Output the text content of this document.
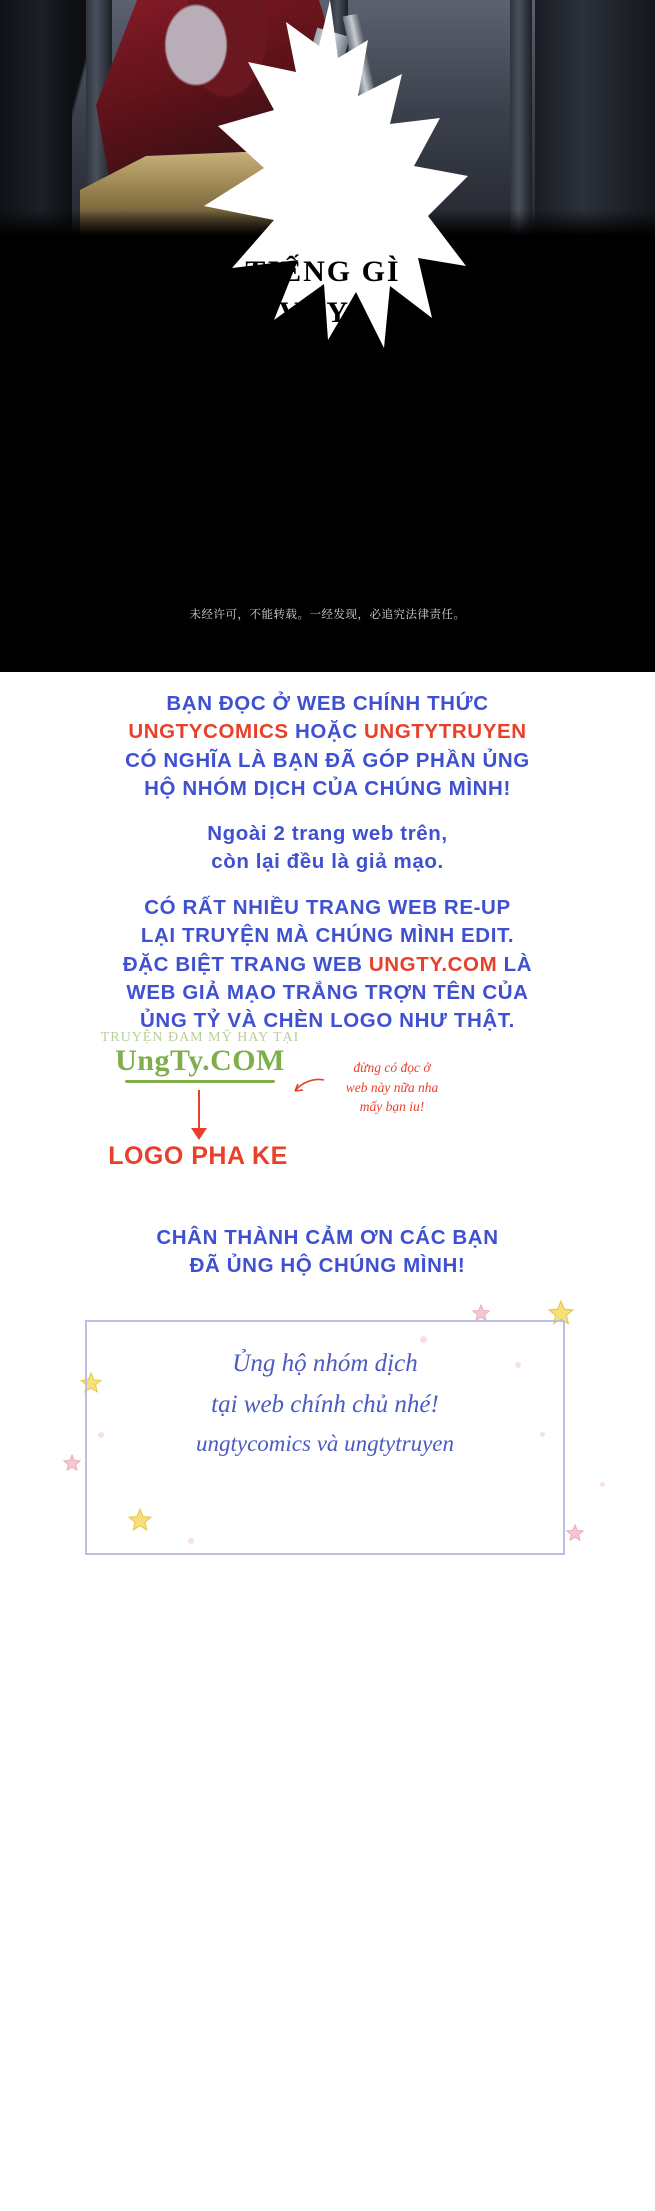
TIẾNG GÌ
VẬY?
未经许可，不能转载。一经发现，必追究法律责任。
BẠN ĐỌC Ở WEB CHÍNH THỨC
UNGTYCOMICS HOẶC UNGTYTRUYEN
CÓ NGHĨA LÀ BẠN ĐÃ GÓP PHẦN ỦNG
HỘ NHÓM DỊCH CỦA CHÚNG MÌNH!
Ngoài 2 trang web trên,
còn lại đều là giả mạo.
CÓ RẤT NHIỀU TRANG WEB RE-UP
LẠI TRUYỆN MÀ CHÚNG MÌNH EDIT.
ĐẶC BIỆT TRANG WEB UNGTY.COM LÀ
WEB GIẢ MẠO TRẮNG TRỢN TÊN CỦA
ỦNG TỶ VÀ CHÈN LOGO NHƯ THẬT.
TRUYỆN ĐAM MỸ HAY TẠI
UngTy.COM
LOGO PHA KE
đừng có đọc ở
web này nữa nha
mấy bạn iu!
CHÂN THÀNH CẢM ƠN CÁC BẠN
ĐÃ ỦNG HỘ CHÚNG MÌNH!
Ủng hộ nhóm dịch
tại web chính chủ nhé!
ungtycomics và ungtytruyen
